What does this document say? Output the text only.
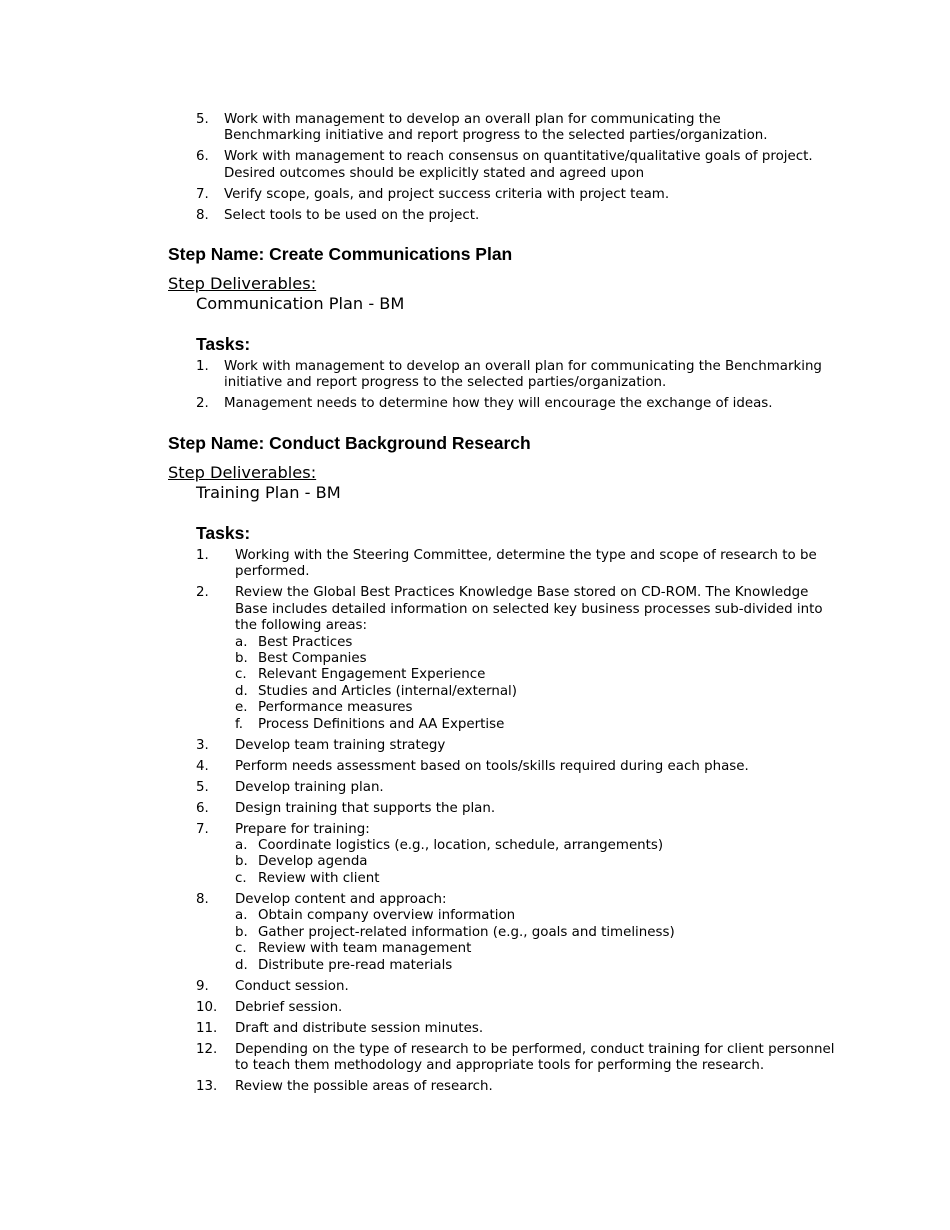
5.	Work with management to develop an overall plan for communicating the Benchmarking initiative and report progress to the selected parties/organization.
6.	Work with management to reach consensus on quantitative/qualitative goals of project. Desired outcomes should be explicitly stated and agreed upon
7.	Verify scope, goals, and project success criteria with project team.
8.	Select tools to be used on the project.
Step Name: Create Communications Plan
Step Deliverables:
Communication Plan - BM
Tasks:
1.	Work with management to develop an overall plan for communicating the Benchmarking initiative and report progress to the selected parties/organization.
2.	Management needs to determine how they will encourage the exchange of ideas.
Step Name: Conduct Background Research
Step Deliverables:
Training Plan - BM
Tasks:
1.	Working with the Steering Committee, determine the type and scope of research to be performed.
2.	Review the Global Best Practices Knowledge Base stored on CD-ROM. The Knowledge Base includes detailed information on selected key business processes sub-divided into the following areas:
a. Best Practices
b. Best Companies
c. Relevant Engagement Experience
d. Studies and Articles (internal/external)
e. Performance measures
f.	Process Definitions and AA Expertise
3.	Develop team training strategy
4.	Perform needs assessment based on tools/skills required during each phase.
5.	Develop training plan.
6.	Design training that supports the plan.
7.	Prepare for training:
a. Coordinate logistics (e.g., location, schedule, arrangements)
b. Develop agenda
c. Review with client
8.	Develop content and approach:
a. Obtain company overview information
b. Gather project-related information (e.g., goals and timeliness)
c. Review with team management
d. Distribute pre-read materials
9.	Conduct session.
10.	Debrief session.
11.	Draft and distribute session minutes.
12.	Depending on the type of research to be performed, conduct training for client personnel to teach them methodology and appropriate tools for performing the research.
13.	Review the possible areas of research.
